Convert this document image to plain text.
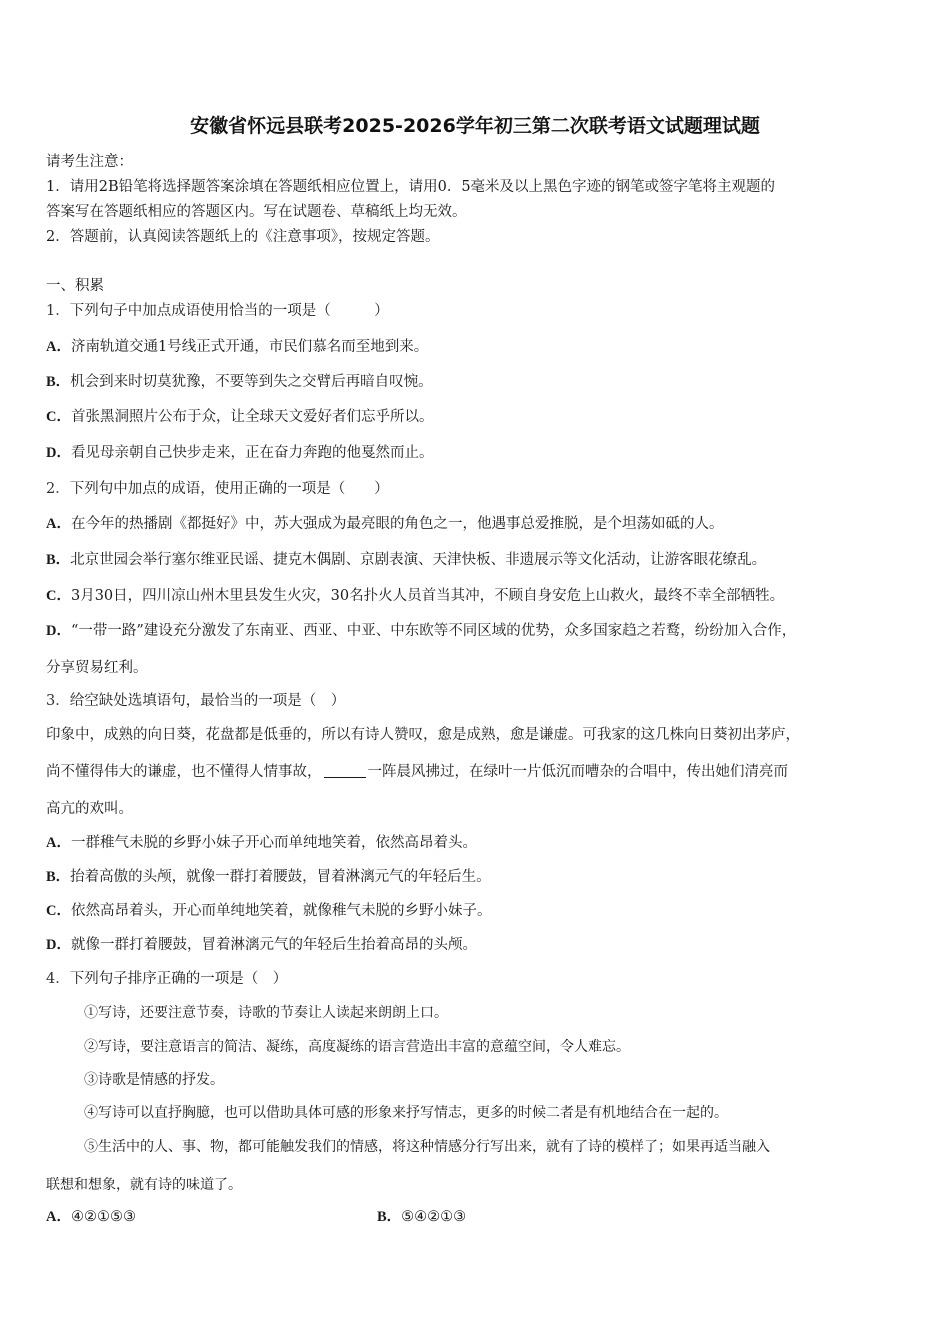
安徽省怀远县联考2025-2026学年初三第二次联考语文试题理试题
请考生注意：
1．请用2B铅笔将选择题答案涂填在答题纸相应位置上，请用0．5毫米及以上黑色字迹的钢笔或签字笔将主观题的
答案写在答题纸相应的答题区内。写在试题卷、草稿纸上均无效。
2．答题前，认真阅读答题纸上的《注意事项》，按规定答题。
一、积累
1．下列句子中加点成语使用恰当的一项是（　　　）
A．济南轨道交通1号线正式开通，市民们慕名而至地到来。
B．机会到来时切莫犹豫，不要等到失之交臂后再暗自叹惋。
C．首张黑洞照片公布于众，让全球天文爱好者们忘乎所以。
D．看见母亲朝自己快步走来，正在奋力奔跑的他戛然而止。
2．下列句中加点的成语，使用正确的一项是（　　）
A．在今年的热播剧《都挺好》中，苏大强成为最亮眼的角色之一，他遇事总爱推脱，是个坦荡如砥的人。
B．北京世园会举行塞尔维亚民谣、捷克木偶剧、京剧表演、天津快板、非遗展示等文化活动，让游客眼花缭乱。
C．3月30日，四川凉山州木里县发生火灾，30名扑火人员首当其冲，不顾自身安危上山救火，最终不幸全部牺牲。
D．“一带一路”建设充分激发了东南亚、西亚、中亚、中东欧等不同区域的优势，众多国家趋之若鹜，纷纷加入合作，
分享贸易红利。
3．给空缺处选填语句，最恰当的一项是（　）
印象中，成熟的向日葵，花盘都是低垂的，所以有诗人赞叹，愈是成熟，愈是谦虚。可我家的这几株向日葵初出茅庐，
尚不懂得伟大的谦虚，也不懂得人情事故，	一阵晨风拂过，在绿叶一片低沉而嘈杂的合唱中，传出她们清亮而
高亢的欢叫。
A．一群稚气未脱的乡野小妹子开心而单纯地笑着，依然高昂着头。
B．抬着高傲的头颅，就像一群打着腰鼓，冒着淋漓元气的年轻后生。
C．依然高昂着头，开心而单纯地笑着，就像稚气未脱的乡野小妹子。
D．就像一群打着腰鼓，冒着淋漓元气的年轻后生抬着高昂的头颅。
4．下列句子排序正确的一项是（　）
①写诗，还要注意节奏，诗歌的节奏让人读起来朗朗上口。
②写诗，要注意语言的简洁、凝练，高度凝练的语言营造出丰富的意蕴空间，令人难忘。
③诗歌是情感的抒发。
④写诗可以直抒胸臆，也可以借助具体可感的形象来抒写情志，更多的时候二者是有机地结合在一起的。
⑤生活中的人、事、物，都可能触发我们的情感，将这种情感分行写出来，就有了诗的模样了；如果再适当融入
联想和想象，就有诗的味道了。
A．④②①⑤③	B．⑤④②①③
